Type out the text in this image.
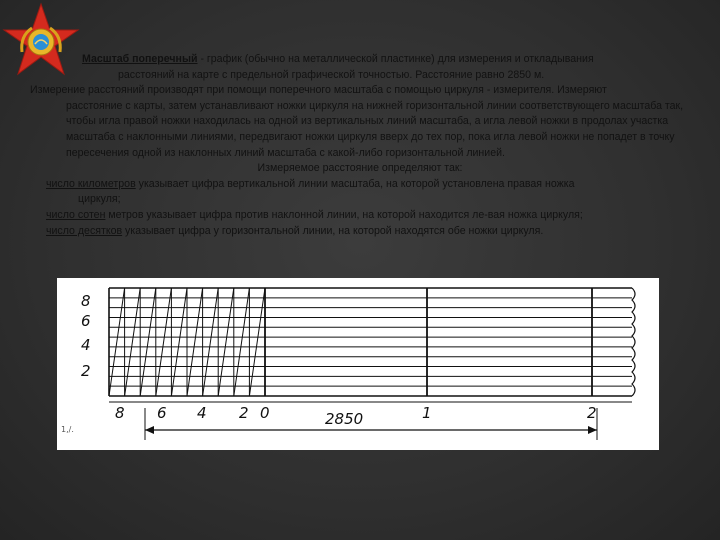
Масштаб поперечный - график (обычно на металлической пластинке) для измерения и откладывания
расстояний на карте с предельной графической точностью. Расстояние равно 2850 м.

Измерение расстояний производят при помощи поперечного масштаба с помощью циркуля - измерителя. Измеряют
расстояние с карты, затем устанавливают ножки циркуля на нижней горизонтальной линии соответствующего масштаба так, чтобы игла правой ножки находилась на одной из вертикальных линий масштаба, а игла левой ножки в продолах участка масштаба с наклонными линиями, передвигают ножки циркуля вверх до тех пор, пока игла левой ножки не попадет в точку пересечения одной из наклонных линий масштаба с какой-либо горизонтальной линией.

Измеряемое расстояние определяют так:

число километров указывает цифра вертикальной линии масштаба, на которой установлена правая ножка
циркуля;

число сотен метров указывает цифра против наклонной линии, на которой находится ле-вая ножка циркуля;

число десятков указывает цифра у горизонтальной линии, на которой находятся обе ножки циркуля.

8
6
4
2
8 6 4 2 0	1	2
2850
1,/.
